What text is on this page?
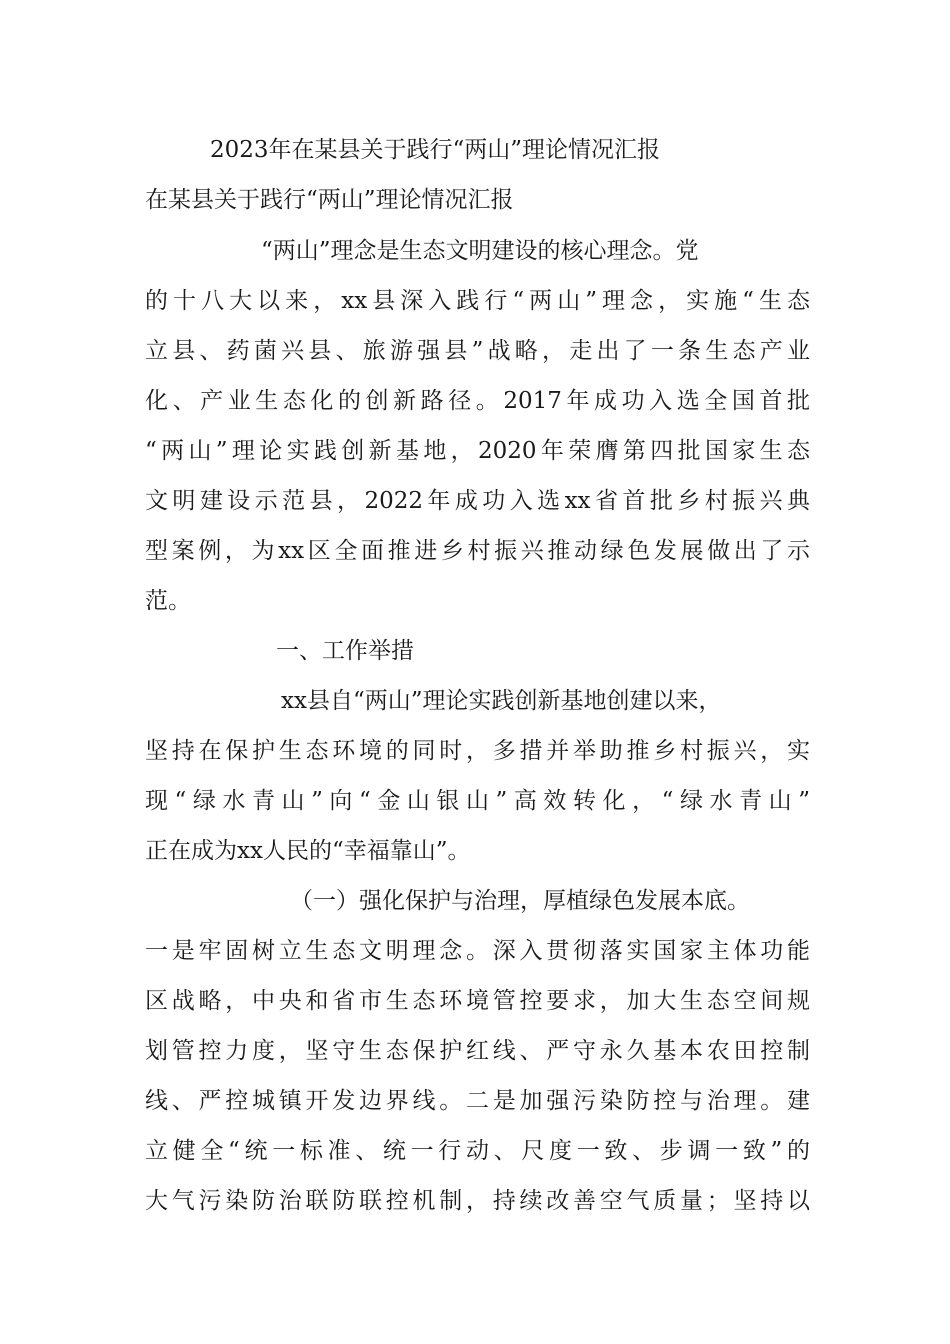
2023年在某县关于践行“两山”理论情况汇报
在某县关于践行“两山”理论情况汇报
“两山”理念是生态文明建设的核心理念。党
的十八大以来，xx县深入践行“两山”理念，实施“生态
立县、药菌兴县、旅游强县”战略，走出了一条生态产业
化、产业生态化的创新路径。2017年成功入选全国首批
“两山”理论实践创新基地，2020年荣膺第四批国家生态
文明建设示范县，2022年成功入选xx省首批乡村振兴典
型案例，为xx区全面推进乡村振兴推动绿色发展做出了示
范。
一、工作举措
xx县自“两山”理论实践创新基地创建以来，
坚持在保护生态环境的同时，多措并举助推乡村振兴，实
现“绿水青山”向“金山银山”高效转化，“绿水青山”
正在成为xx人民的“幸福靠山”。
（一）强化保护与治理，厚植绿色发展本底。
一是牢固树立生态文明理念。深入贯彻落实国家主体功能
区战略，中央和省市生态环境管控要求，加大生态空间规
划管控力度，坚守生态保护红线、严守永久基本农田控制
线、严控城镇开发边界线。二是加强污染防控与治理。建
立健全“统一标准、统一行动、尺度一致、步调一致”的
大气污染防治联防联控机制，持续改善空气质量；坚持以
